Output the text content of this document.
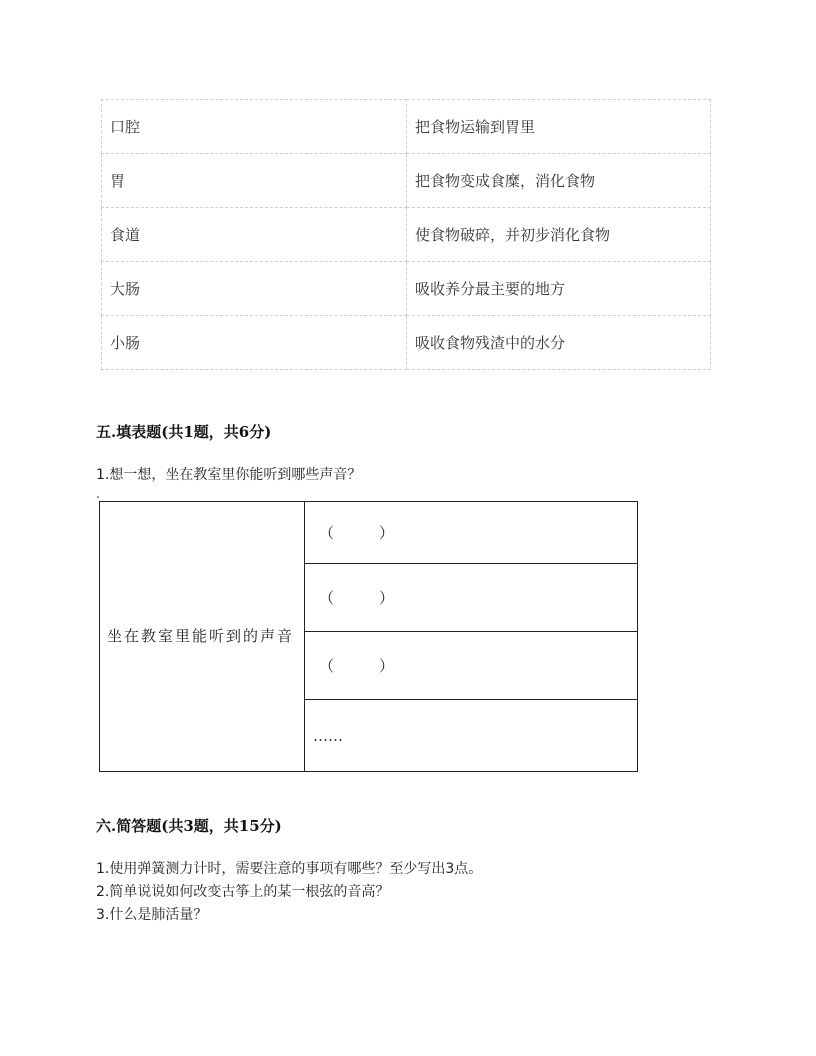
口腔	把食物运输到胃里
胃	把食物变成食糜，消化食物
食道	使食物破碎，并初步消化食物
大肠	吸收养分最主要的地方
小肠	吸收食物残渣中的水分
五.填表题(共1题，共6分)
1.想一想，坐在教室里你能听到哪些声音？
坐在教室里能听到的声音	（　　　）
（　　　）
（　　　）
……
六.简答题(共3题，共15分)
1.使用弹簧测力计时，需要注意的事项有哪些？至少写出3点。
2.简单说说如何改变古筝上的某一根弦的音高？
3.什么是肺活量？
